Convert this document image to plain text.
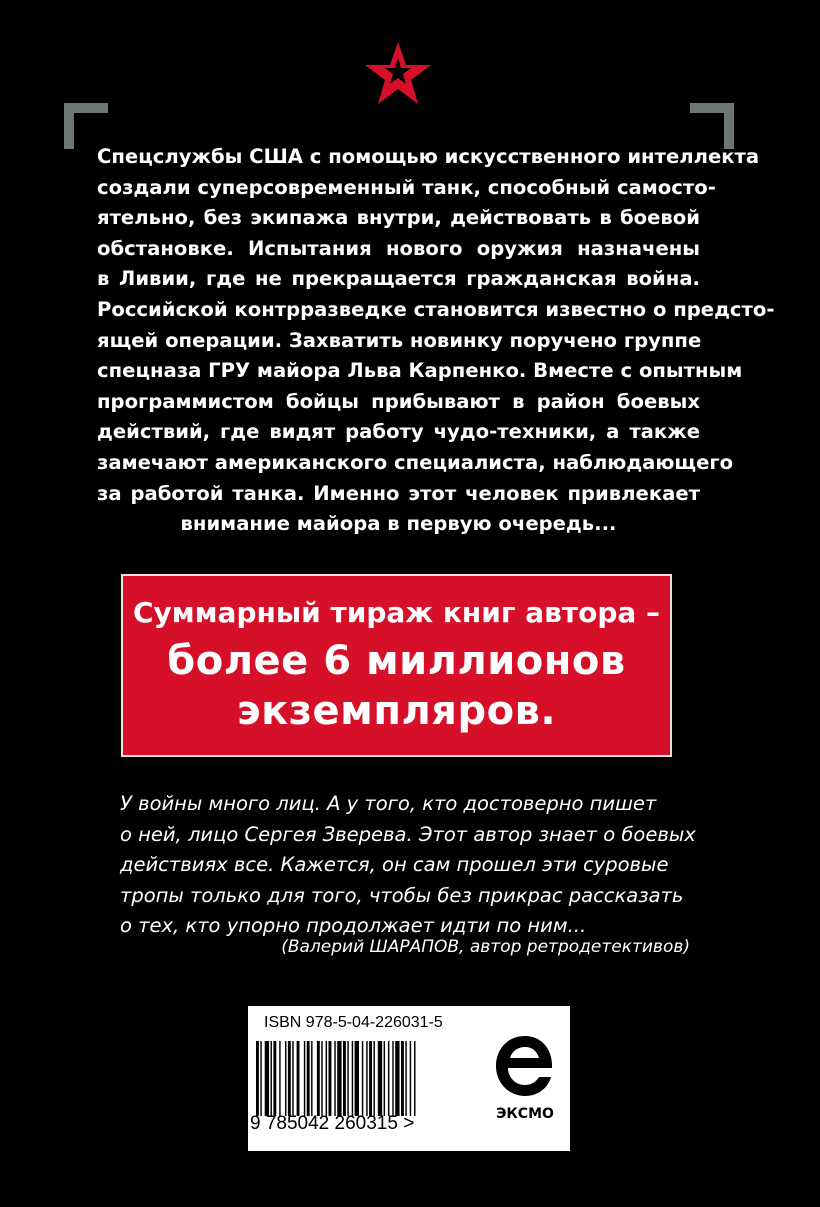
Спецслужбы США с помощью искусственного интеллекта
создали суперсовременный танк, способный самосто-
ятельно, без экипажа внутри, действовать в боевой
обстановке. Испытания нового оружия назначены
в Ливии, где не прекращается гражданская война.
Российской контрразведке становится известно о предсто-
ящей операции. Захватить новинку поручено группе
спецназа ГРУ майора Льва Карпенко. Вместе с опытным
программистом бойцы прибывают в район боевых
действий, где видят работу чудо-техники, а также
замечают американского специалиста, наблюдающего
за работой танка. Именно этот человек привлекает
внимание майора в первую очередь...
Суммарный тираж книг автора –
более 6 миллионов
экземпляров.
У войны много лиц. А у того, кто достоверно пишет
о ней, лицо Сергея Зверева. Этот автор знает о боевых
действиях все. Кажется, он сам прошел эти суровые
тропы только для того, чтобы без прикрас рассказать
о тех, кто упорно продолжает идти по ним...
(Валерий ШАРАПОВ, автор ретродетективов)
ISBN 978-5-04-226031-5
9 785042 260315 >	ЭКСМО
